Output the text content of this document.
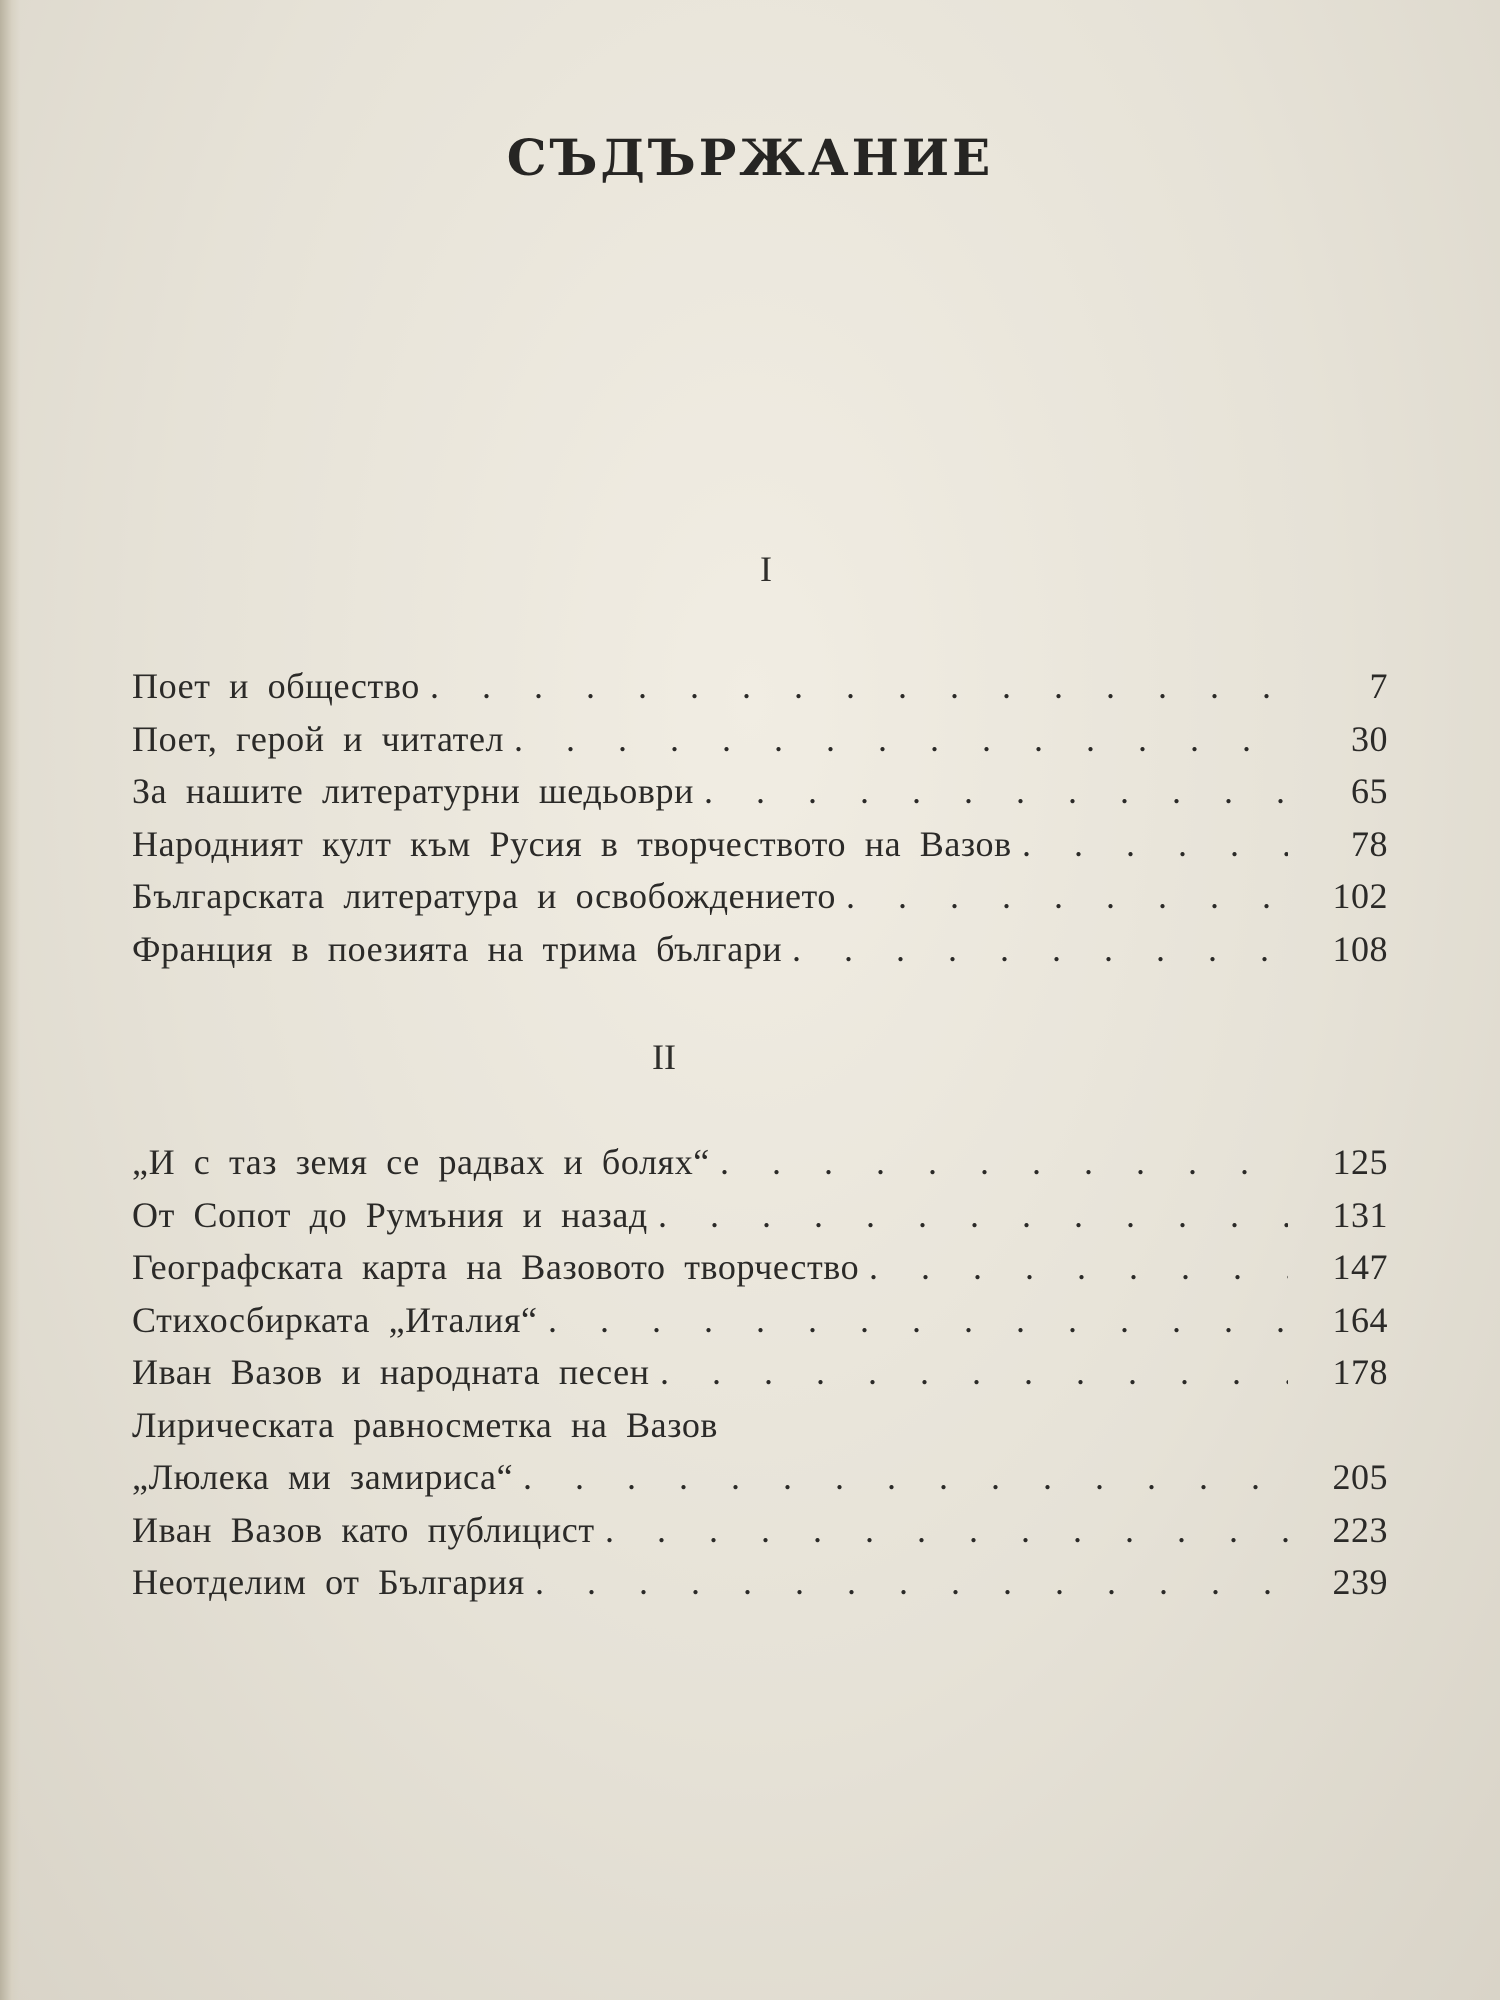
СЪДЪРЖАНИЕ
I
. . .
Поет и общество	7
. . .
Поет, герой и читател	30
. . .
За нашите литературни шедьоври	65
. . .
Народният култ към Русия в творчеството на Вазов	78
. . .
Българската литература и освобождението	102
. . .
Франция в поезията на трима българи	108
II
. . .
„И с таз земя се радвах и болях“	125
. . .
От Сопот до Румъния и назад	131
. . .
Географската карта на Вазовото творчество	147
. . .
Стихосбирката „Италия“	164
. . .
Иван Вазов и народната песен	178
Лирическата равносметка на Вазов
. . .
„Люлека ми замириса“	205
. . .
Иван Вазов като публицист	223
. . .
Неотделим от България	239
